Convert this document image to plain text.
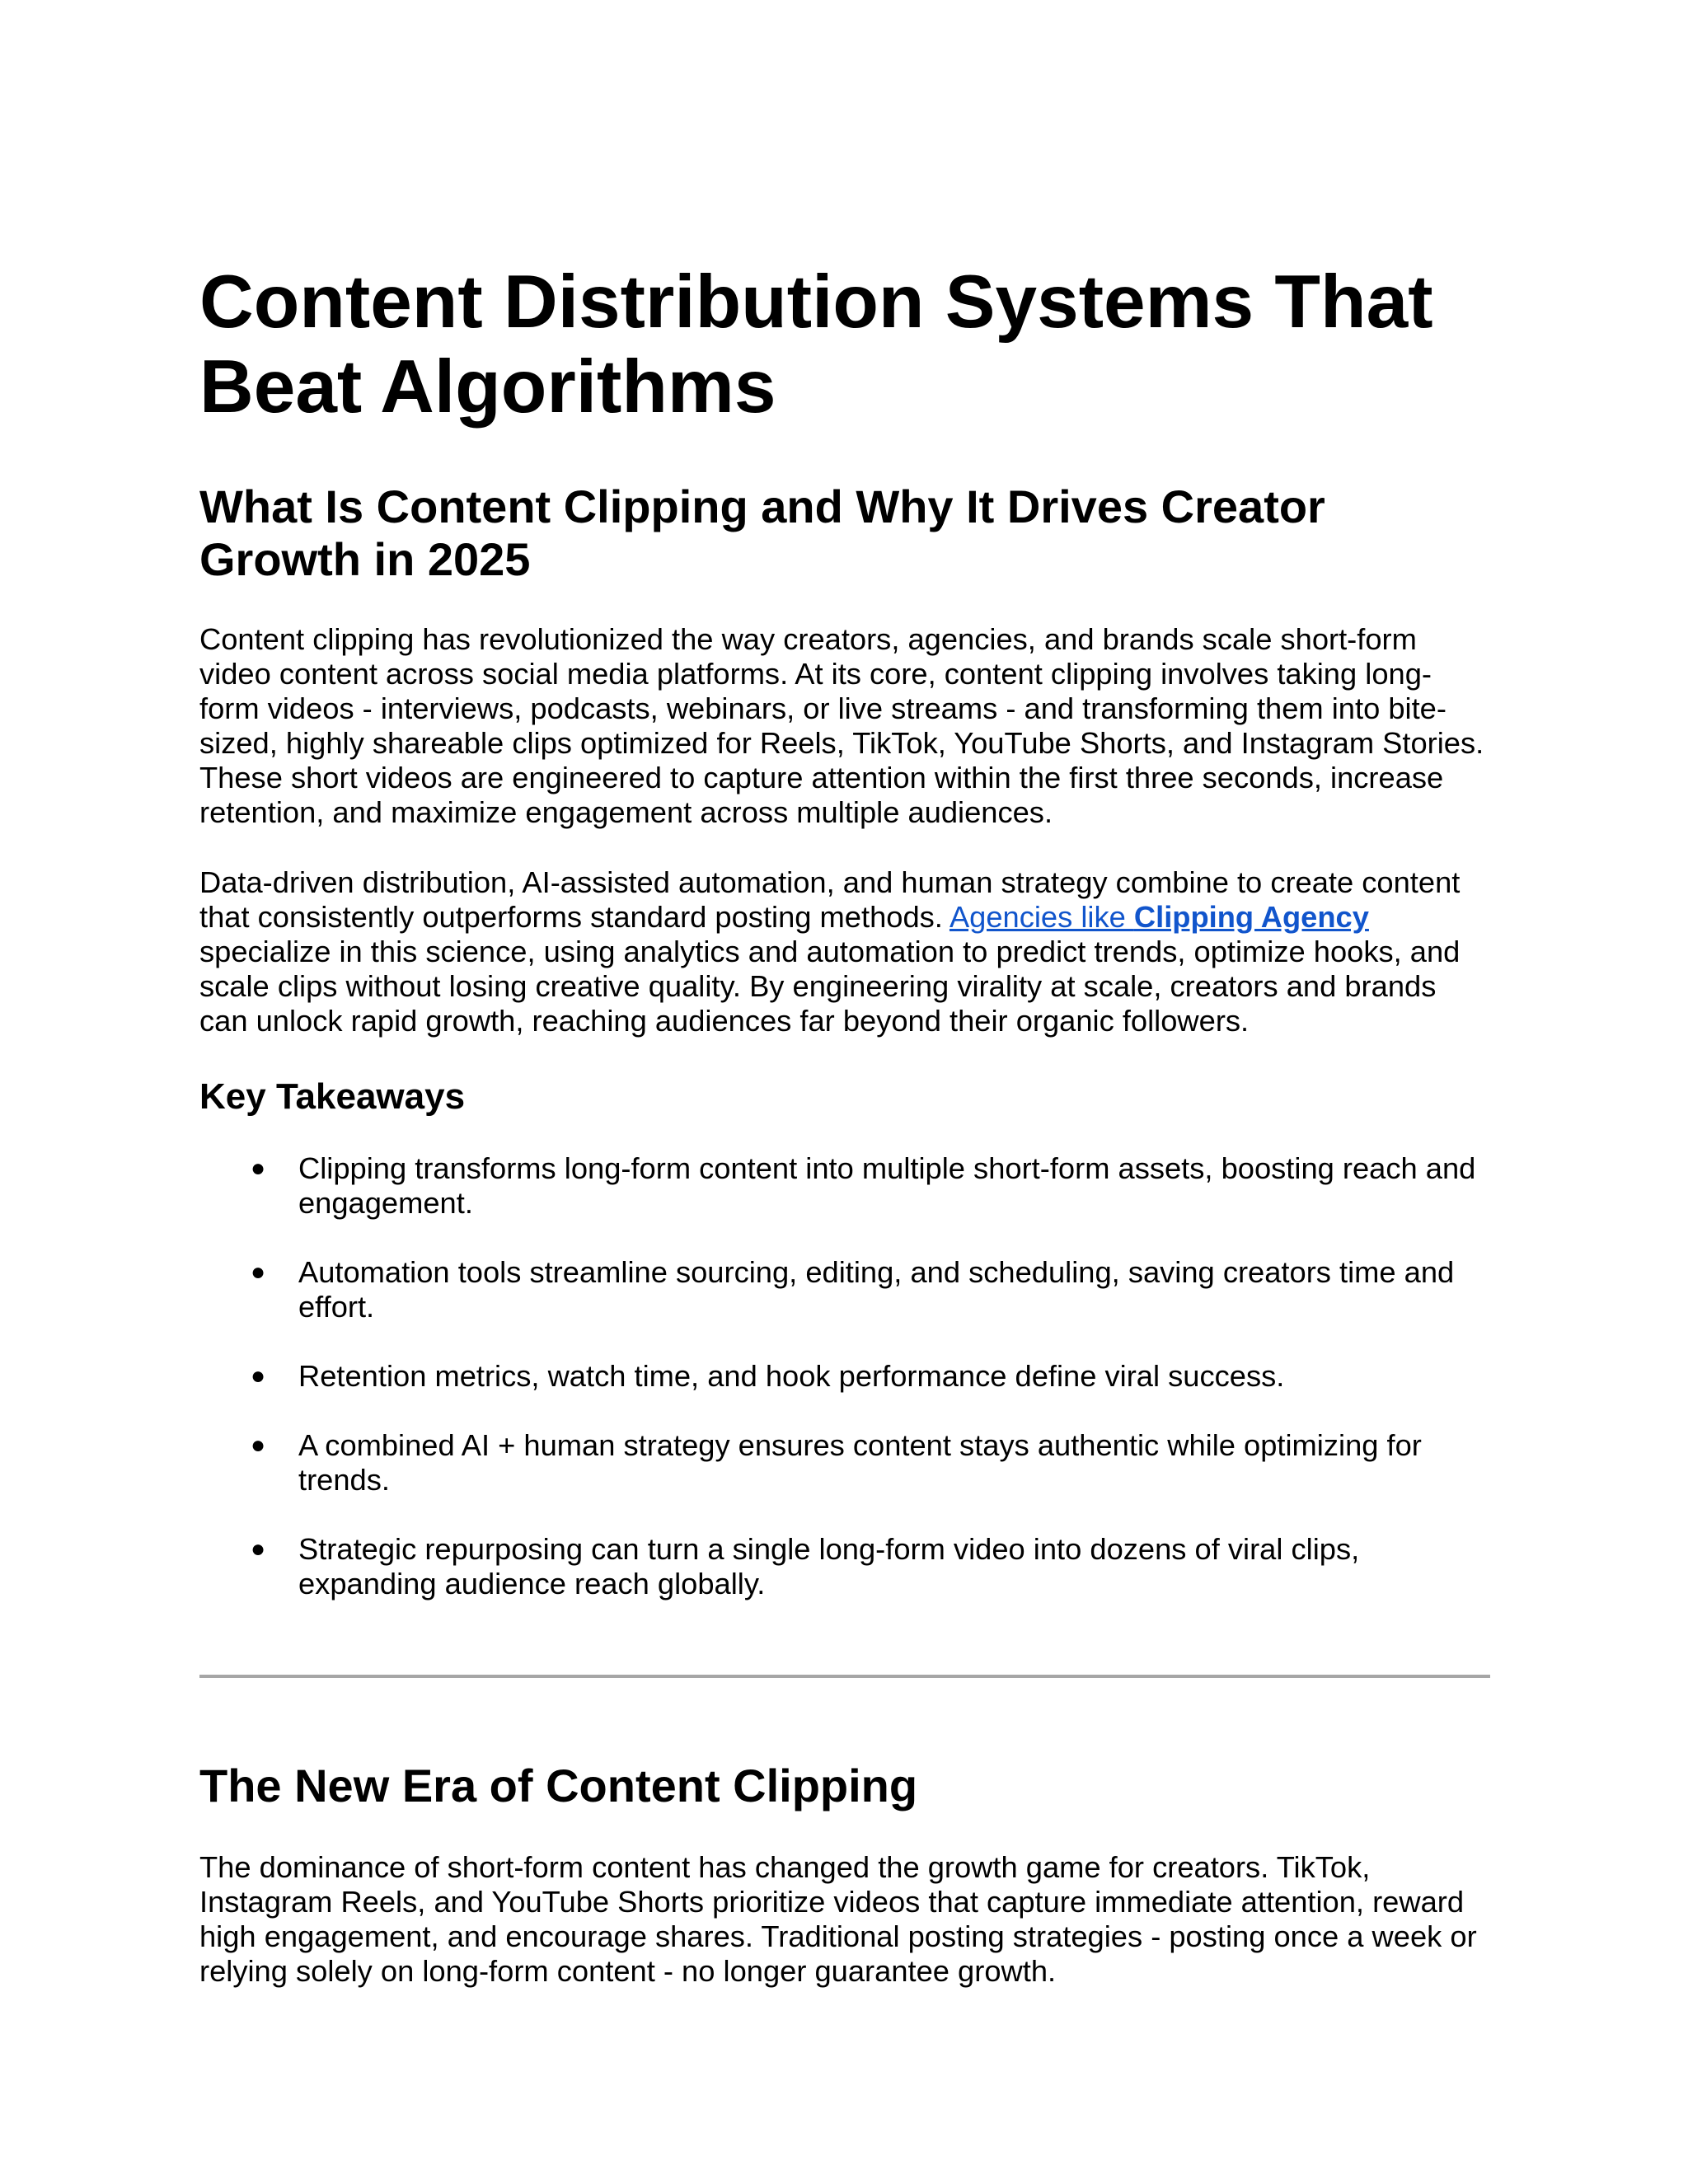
Content Distribution Systems That Beat Algorithms
What Is Content Clipping and Why It Drives Creator Growth in 2025

Content clipping has revolutionized the way creators, agencies, and brands scale short-form video content across social media platforms. At its core, content clipping involves taking long-form videos - interviews, podcasts, webinars, or live streams - and transforming them into bite-sized, highly shareable clips optimized for Reels, TikTok, YouTube Shorts, and Instagram Stories. These short videos are engineered to capture attention within the first three seconds, increase retention, and maximize engagement across multiple audiences.

Data-driven distribution, AI-assisted automation, and human strategy combine to create content that consistently outperforms standard posting methods. Agencies like Clipping Agency specialize in this science, using analytics and automation to predict trends, optimize hooks, and scale clips without losing creative quality. By engineering virality at scale, creators and brands can unlock rapid growth, reaching audiences far beyond their organic followers.

Key Takeaways
●	Clipping transforms long-form content into multiple short-form assets, boosting reach and engagement.
●	Automation tools streamline sourcing, editing, and scheduling, saving creators time and effort.
●	Retention metrics, watch time, and hook performance define viral success.
●	A combined AI + human strategy ensures content stays authentic while optimizing for trends.
●	Strategic repurposing can turn a single long-form video into dozens of viral clips, expanding audience reach globally.
The New Era of Content Clipping

The dominance of short-form content has changed the growth game for creators. TikTok, Instagram Reels, and YouTube Shorts prioritize videos that capture immediate attention, reward high engagement, and encourage shares. Traditional posting strategies - posting once a week or relying solely on long-form content - no longer guarantee growth.
